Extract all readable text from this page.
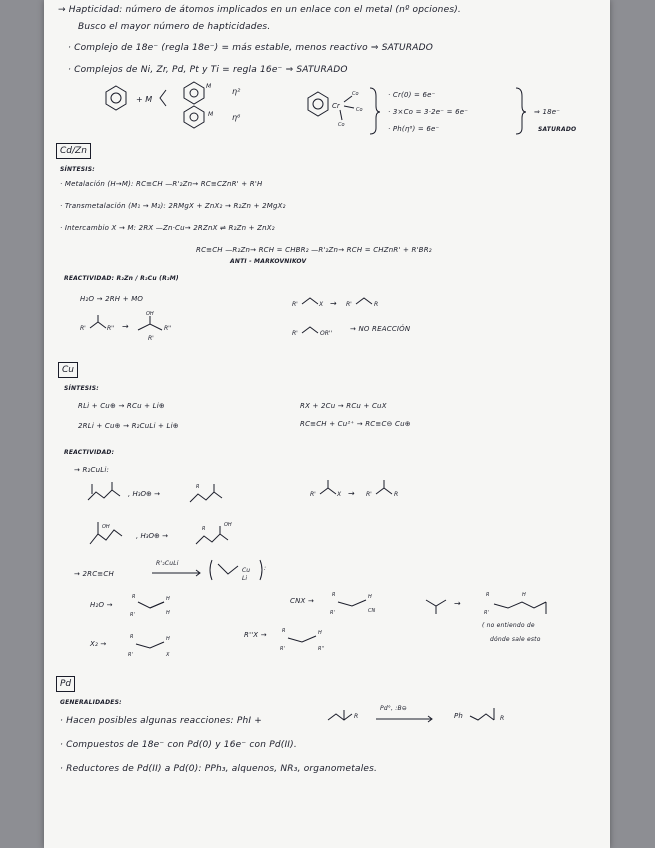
→ Hapticidad: número de átomos implicados en un enlace con el metal (nº opciones).
Busco el mayor número de hapticidades.
· Complejo de 18e⁻ (regla 18e⁻) = más estable, menos reactivo ⇒ SATURADO
· Complejos de Ni, Zr, Pd, Pt y Ti = regla 16e⁻ ⇒ SATURADO
+ M
M
M
η²
η⁶
Cr
Co
Co
Co
· Cr(0) = 6e⁻
· 3×Co = 3·2e⁻ = 6e⁻
· Ph(η⁶) = 6e⁻
⇒ 18e⁻
SATURADO
Cd/Zn
SÍNTESIS:
· Metalación (H→M): RC≡CH —R'₂Zn→ RC≡CZnR' + R'H
· Transmetalación (M₁ → M₂): 2RMgX + ZnX₂ → R₂Zn + 2MgX₂
· Intercambio X → M: 2RX —Zn·Cu→ 2RZnX ⇌ R₂Zn + ZnX₂
RC≡CH —R₂Zn→ RCH = CHBR₂ —R'₂Zn→ RCH = CHZnR' + R'BR₂
ANTI - MARKOVNIKOV
REACTIVIDAD: R₂Zn / R₂Cu (R₂M)
H₂O → 2RH + MO
R'	R'' →
OH
R''
R'
R'	X → R'	R
R'	OR''
→ NO REACCIÓN
Cu
SÍNTESIS:
RLi + Cu⊕ → RCu + Li⊕
2RLi + Cu⊕ → R₂CuLi + Li⊕
RX + 2Cu → RCu + CuX
RC≡CH + Cu²⁺ → RC≡C⊖ Cu⊕
REACTIVIDAD:
→ R₂CuLi:
, H₃O⊕ →
R
R'	X → R'	R
OH
, H₃O⊕ →
OH
R
→ 2RC≡CH
R'₂CuLi
Cu
Li
:
H₂O →
R
R'
H
H
CNX →
R
R'
H
CN
→
R
R'
H
( no entiendo de
dónde sale esto
X₂ →
R
R'
H
X
R''X →	R
R'
H
R''
Pd
GENERALIDADES:
· Hacen posibles algunas reacciones: PhI +	R
Pd°, :B⊖
Ph	R
· Compuestos de 18e⁻ con Pd(0) y 16e⁻ con Pd(II).
· Reductores de Pd(II) a Pd(0): PPh₃, alquenos, NR₃, organometales.
